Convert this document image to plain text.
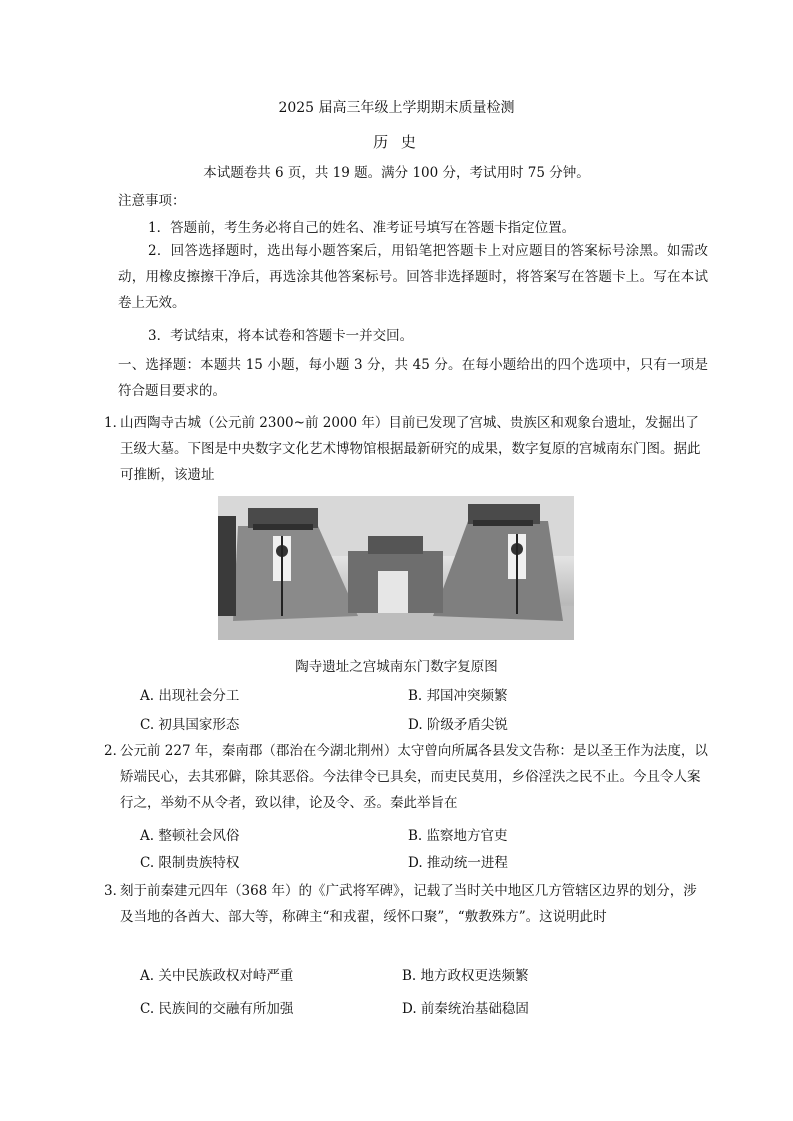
2025 届高三年级上学期期末质量检测
历 史
本试题卷共 6 页，共 19 题。满分 100 分，考试用时 75 分钟。
注意事项：
1．答题前，考生务必将自己的姓名、准考证号填写在答题卡指定位置。
2．回答选择题时，选出每小题答案后，用铅笔把答题卡上对应题目的答案标号涂黑。如需改动，用橡皮擦擦干净后，再选涂其他答案标号。回答非选择题时，将答案写在答题卡上。写在本试卷上无效。
3．考试结束，将本试卷和答题卡一并交回。
一、选择题：本题共 15 小题，每小题 3 分，共 45 分。在每小题给出的四个选项中，只有一项是符合题目要求的。
1．
山西陶寺古城（公元前 2300~前 2000 年）目前已发现了宫城、贵族区和观象台遗址，发掘出了王级大墓。下图是中央数字文化艺术博物馆根据最新研究的成果，数字复原的宫城南东门图。据此可推断，该遗址
陶寺遗址之宫城南东门数字复原图
A. 出现社会分工	B. 邦国冲突频繁
C. 初具国家形态	D. 阶级矛盾尖锐
2．
公元前 227 年，秦南郡（郡治在今湖北荆州）太守曾向所属各县发文告称：是以圣王作为法度，以矫端民心，去其邪僻，除其恶俗。今法律令已具矣，而吏民莫用，乡俗淫泆之民不止。今且令人案行之，举劾不从令者，致以律，论及令、丞。秦此举旨在
A. 整顿社会风俗	B. 监察地方官吏
C. 限制贵族特权	D. 推动统一进程
3．
刻于前秦建元四年（368 年）的《广武将军碑》，记载了当时关中地区几方管辖区边界的划分，涉及当地的各酋大、部大等，称碑主“和戎翟，绥怀口聚”，“敷教殊方”。这说明此时
A. 关中民族政权对峙严重	B. 地方政权更迭频繁
C. 民族间的交融有所加强	D. 前秦统治基础稳固
